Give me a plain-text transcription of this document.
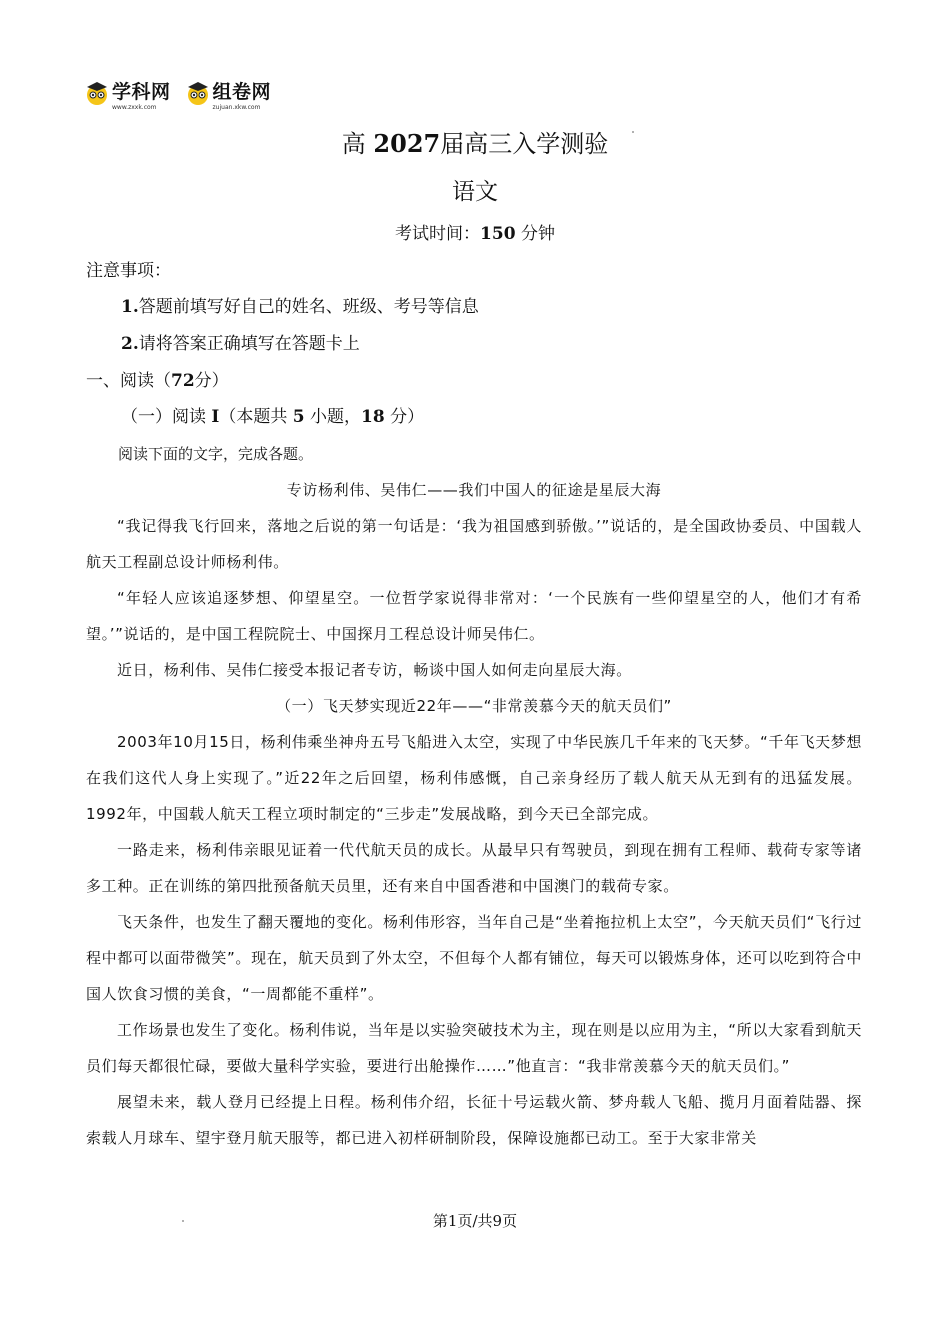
学科网
www.zxxk.com
组卷网
zujuan.xkw.com
高 2027届高三入学测验
语文
考试时间：150 分钟
注意事项：
1.答题前填写好自己的姓名、班级、考号等信息
2.请将答案正确填写在答题卡上
一、阅读（72分）
（一）阅读 I（本题共 5 小题，18 分）
阅读下面的文字，完成各题。

专访杨利伟、吴伟仁——我们中国人的征途是星辰大海

“我记得我飞行回来，落地之后说的第一句话是：‘我为祖国感到骄傲。’”说话的，是全国政协委员、中国载人航天工程副总设计师杨利伟。

“年轻人应该追逐梦想、仰望星空。一位哲学家说得非常对：‘一个民族有一些仰望星空的人，他们才有希望。’”说话的，是中国工程院院士、中国探月工程总设计师吴伟仁。

近日，杨利伟、吴伟仁接受本报记者专访，畅谈中国人如何走向星辰大海。

（一）飞天梦实现近22年——“非常羡慕今天的航天员们”

2003年10月15日，杨利伟乘坐神舟五号飞船进入太空，实现了中华民族几千年来的飞天梦。“千年飞天梦想在我们这代人身上实现了。”近22年之后回望，杨利伟感慨，自己亲身经历了载人航天从无到有的迅猛发展。1992年，中国载人航天工程立项时制定的“三步走”发展战略，到今天已全部完成。

一路走来，杨利伟亲眼见证着一代代航天员的成长。从最早只有驾驶员，到现在拥有工程师、载荷专家等诸多工种。正在训练的第四批预备航天员里，还有来自中国香港和中国澳门的载荷专家。

飞天条件，也发生了翻天覆地的变化。杨利伟形容，当年自己是“坐着拖拉机上太空”，今天航天员们“飞行过程中都可以面带微笑”。现在，航天员到了外太空，不但每个人都有铺位，每天可以锻炼身体，还可以吃到符合中国人饮食习惯的美食，“一周都能不重样”。

工作场景也发生了变化。杨利伟说，当年是以实验突破技术为主，现在则是以应用为主，“所以大家看到航天员们每天都很忙碌，要做大量科学实验，要进行出舱操作……”他直言：“我非常羡慕今天的航天员们。”

展望未来，载人登月已经提上日程。杨利伟介绍，长征十号运载火箭、梦舟载人飞船、揽月月面着陆器、探索载人月球车、望宇登月航天服等，都已进入初样研制阶段，保障设施都已动工。至于大家非常关

第1页/共9页
